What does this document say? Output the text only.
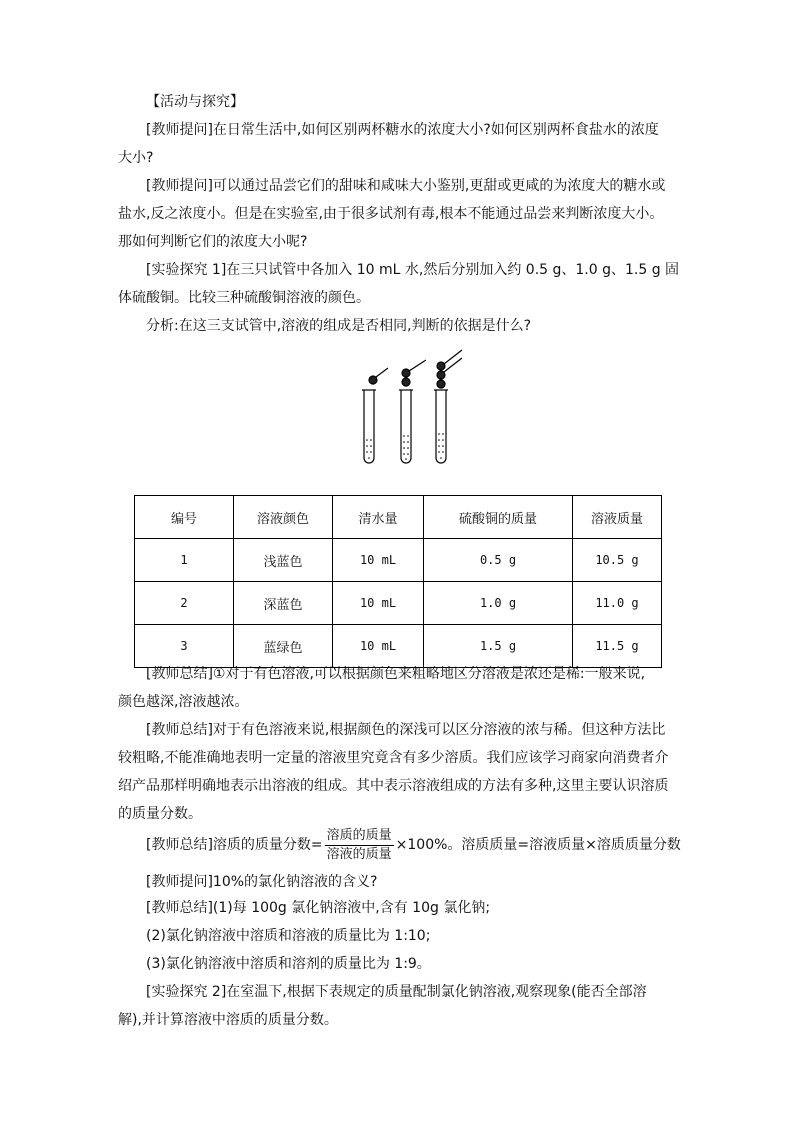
【活动与探究】
[教师提问]在日常生活中,如何区别两杯糖水的浓度大小?如何区别两杯食盐水的浓度
大小?
[教师提问]可以通过品尝它们的甜味和咸味大小鉴别,更甜或更咸的为浓度大的糖水或
盐水,反之浓度小。但是在实验室,由于很多试剂有毒,根本不能通过品尝来判断浓度大小。
那如何判断它们的浓度大小呢?
[实验探究 1]在三只试管中各加入 10 mL 水,然后分别加入约 0.5 g、1.0 g、1.5 g 固
体硫酸铜。比较三种硫酸铜溶液的颜色。
分析:在这三支试管中,溶液的组成是否相同,判断的依据是什么?
编号	溶液颜色	清水量	硫酸铜的质量	溶液质量
1	浅蓝色	10 mL	0.5 g	10.5 g
2	深蓝色	10 mL	1.0 g	11.0 g
3	蓝绿色	10 mL	1.5 g	11.5 g
[教师总结]①对于有色溶液,可以根据颜色来粗略地区分溶液是浓还是稀:一般来说,
颜色越深,溶液越浓。
[教师总结]对于有色溶液来说,根据颜色的深浅可以区分溶液的浓与稀。但这种方法比
较粗略,不能准确地表明一定量的溶液里究竟含有多少溶质。我们应该学习商家向消费者介
绍产品那样明确地表示出溶液的组成。其中表示溶液组成的方法有多种,这里主要认识溶质
的质量分数。
[教师总结]溶质的质量分数= $\frac{\text{溶质的质量}}{\text{溶液的质量}} \times 100\%$。溶质质量=溶液质量×溶质质量分数
[教师提问]10%的氯化钠溶液的含义?
[教师总结](1)每 100g 氯化钠溶液中,含有 10g 氯化钠;
(2)氯化钠溶液中溶质和溶液的质量比为 1:10;
(3)氯化钠溶液中溶质和溶剂的质量比为 1:9。
[实验探究 2]在室温下,根据下表规定的质量配制氯化钠溶液,观察现象(能否全部溶
解),并计算溶液中溶质的质量分数。
